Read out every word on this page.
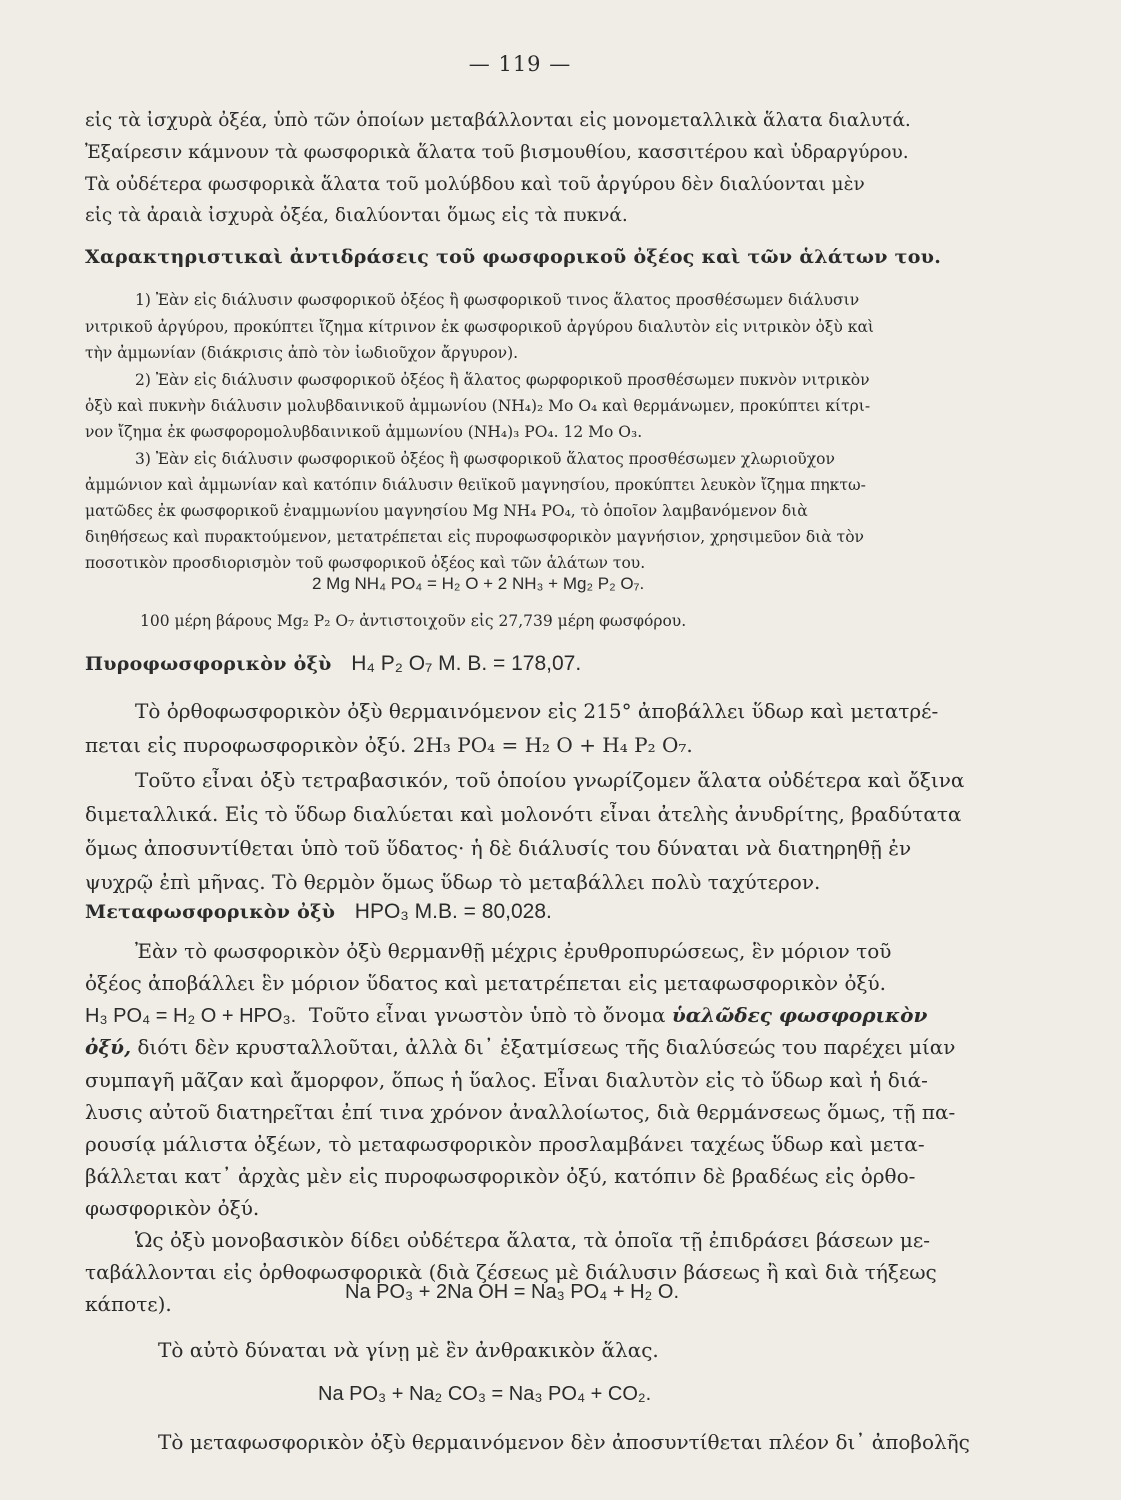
— 119 —
εἰς τὰ ἰσχυρὰ ὀξέα, ὑπὸ τῶν ὁποίων μεταβάλλονται εἰς μονομεταλλικὰ ἅλατα διαλυτά.
Ἐξαίρεσιν κάμνουν τὰ φωσφορικὰ ἅλατα τοῦ βισμουθίου, κασσιτέρου καὶ ὑδραργύρου.
Τὰ οὐδέτερα φωσφορικὰ ἅλατα τοῦ μολύβδου καὶ τοῦ ἀργύρου δὲν διαλύονται μὲν
εἰς τὰ ἀραιὰ ἰσχυρὰ ὀξέα, διαλύονται ὅμως εἰς τὰ πυκνά.
Χαρακτηριστικαὶ ἀντιδράσεις τοῦ φωσφορικοῦ ὀξέος καὶ τῶν ἁλάτων του.
1) Ἐὰν εἰς διάλυσιν φωσφορικοῦ ὀξέος ἢ φωσφορικοῦ τινος ἅλατος προσθέσωμεν διάλυσιν
νιτρικοῦ ἀργύρου, προκύπτει ἴζημα κίτρινον ἐκ φωσφορικοῦ ἀργύρου διαλυτὸν εἰς νιτρικὸν ὀξὺ καὶ
τὴν ἀμμωνίαν (διάκρισις ἀπὸ τὸν ἰωδιοῦχον ἄργυρον).
2) Ἐὰν εἰς διάλυσιν φωσφορικοῦ ὀξέος ἢ ἅλατος φωρφορικοῦ προσθέσωμεν πυκνὸν νιτρικὸν
ὀξὺ καὶ πυκνὴν διάλυσιν μολυβδαινικοῦ ἀμμωνίου (NH₄)₂ Mo O₄ καὶ θερμάνωμεν, προκύπτει κίτρι-
νον ἴζημα ἐκ φωσφορομολυβδαινικοῦ ἀμμωνίου (NH₄)₃ PO₄. 12 Mo O₃.
3) Ἐὰν εἰς διάλυσιν φωσφορικοῦ ὀξέος ἢ φωσφορικοῦ ἅλατος προσθέσωμεν χλωριοῦχον
ἀμμώνιον καὶ ἀμμωνίαν καὶ κατόπιν διάλυσιν θειϊκοῦ μαγνησίου, προκύπτει λευκὸν ἴζημα πηκτω-
ματῶδες ἐκ φωσφορικοῦ ἐναμμωνίου μαγνησίου Mg NH₄ PO₄, τὸ ὁποῖον λαμβανόμενον διὰ
διηθήσεως καὶ πυρακτούμενον, μετατρέπεται εἰς πυροφωσφορικὸν μαγνήσιον, χρησιμεῦον διὰ τὸν
ποσοτικὸν προσδιορισμὸν τοῦ φωσφορικοῦ ὀξέος καὶ τῶν ἁλάτων του.
2 Mg NH₄ PO₄ = H₂ O + 2 NH₃ + Mg₂ P₂ O₇.
100 μέρη βάρους Mg₂ P₂ O₇ ἀντιστοιχοῦν εἰς 27,739 μέρη φωσφόρου.
Πυροφωσφορικὸν ὀξὺ H₄ P₂ O₇ M. B. = 178,07.
Τὸ ὀρθοφωσφορικὸν ὀξὺ θερμαινόμενον εἰς 215° ἀποβάλλει ὕδωρ καὶ μετατρέ-
πεται εἰς πυροφωσφορικὸν ὀξύ. 2H₃ PO₄ = H₂ O + H₄ P₂ O₇.
Τοῦτο εἶναι ὀξὺ τετραβασικόν, τοῦ ὁποίου γνωρίζομεν ἅλατα οὐδέτερα καὶ ὄξινα
διμεταλλικά. Εἰς τὸ ὕδωρ διαλύεται καὶ μολονότι εἶναι ἀτελὴς ἀνυδρίτης, βραδύτατα
ὅμως ἀποσυντίθεται ὑπὸ τοῦ ὕδατος· ἡ δὲ διάλυσίς του δύναται νὰ διατηρηθῇ ἐν
ψυχρῷ ἐπὶ μῆνας. Τὸ θερμὸν ὅμως ὕδωρ τὸ μεταβάλλει πολὺ ταχύτερον.
Μεταφωσφορικὸν ὀξὺ HPO₃ M.B. = 80,028.
Ἐὰν τὸ φωσφορικὸν ὀξὺ θερμανθῇ μέχρις ἐρυθροπυρώσεως, ἓν μόριον τοῦ
ὀξέος ἀποβάλλει ἓν μόριον ὕδατος καὶ μετατρέπεται εἰς μεταφωσφορικὸν ὀξύ.
H₃ PO₄ = H₂ O + HPO₃. Τοῦτο εἶναι γνωστὸν ὑπὸ τὸ ὄνομα ὑαλῶδες φωσφορικὸν
ὀξύ, διότι δὲν κρυσταλλοῦται, ἀλλὰ δι᾽ ἐξατμίσεως τῆς διαλύσεώς του παρέχει μίαν
συμπαγῆ μᾶζαν καὶ ἄμορφον, ὅπως ἡ ὕαλος. Εἶναι διαλυτὸν εἰς τὸ ὕδωρ καὶ ἡ διά-
λυσις αὐτοῦ διατηρεῖται ἐπί τινα χρόνον ἀναλλοίωτος, διὰ θερμάνσεως ὅμως, τῇ πα-
ρουσίᾳ μάλιστα ὀξέων, τὸ μεταφωσφορικὸν προσλαμβάνει ταχέως ὕδωρ καὶ μετα-
βάλλεται κατ᾽ ἀρχὰς μὲν εἰς πυροφωσφορικὸν ὀξύ, κατόπιν δὲ βραδέως εἰς ὀρθο-
φωσφορικὸν ὀξύ.
Ὡς ὀξὺ μονοβασικὸν δίδει οὐδέτερα ἅλατα, τὰ ὁποῖα τῇ ἐπιδράσει βάσεων με-
ταβάλλονται εἰς ὀρθοφωσφορικὰ (διὰ ζέσεως μὲ διάλυσιν βάσεως ἢ καὶ διὰ τήξεως
κάποτε).	Na PO₃ + 2Na OH = Na₃ PO₄ + H₂ O.
Τὸ αὐτὸ δύναται νὰ γίνῃ μὲ ἓν ἀνθρακικὸν ἅλας.
Na PO₃ + Na₂ CO₃ = Na₃ PO₄ + CO₂.
Τὸ μεταφωσφορικὸν ὀξὺ θερμαινόμενον δὲν ἀποσυντίθεται πλέον δι᾽ ἀποβολῆς
